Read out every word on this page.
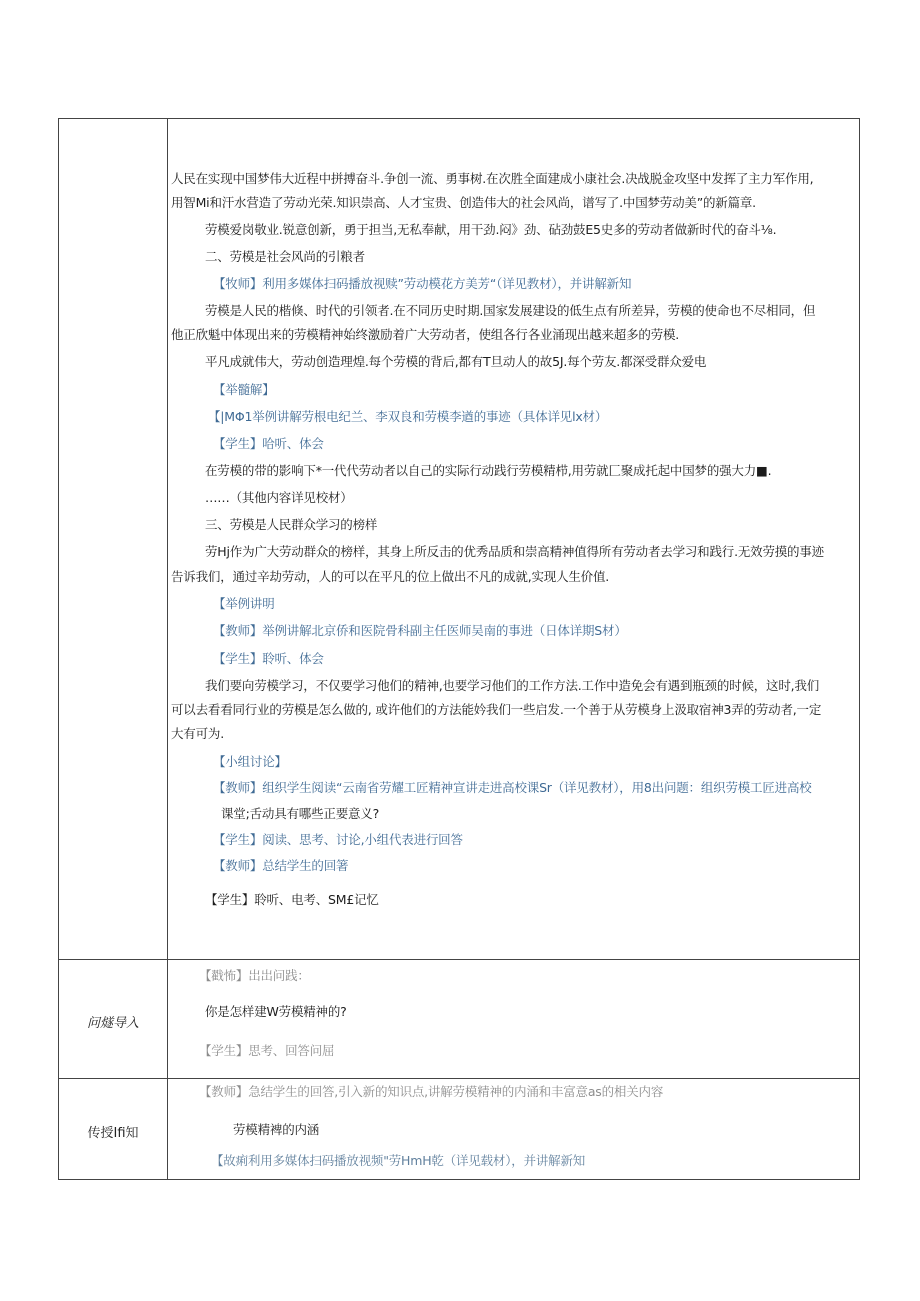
问燧导入
传授Ifi知
人民在实现中国梦伟大近程中拼搏奋斗.争创一流、勇事树.在次胜全面建成小康社会.决战脱金攻坚中发挥了主力军作用,
用智Mi和汗水营造了劳动光荣.知识崇高、人才宝贵、创造伟大的社会风尚，谱写了.中国梦劳动美”的新篇章.
劳模爱岗敬业.锐意创新，勇于担当,无私奉献，用干劲.闷》劲、砧劲鼓E5史多的劳动者做新时代的奋斗⅛.
二、劳模是社会风尚的引粮者
【牧师】利用多媒体扫码播放视赎”劳动模花方美芳“（详见教材），并讲解新知
劳模是人民的楷倏、时代的引领者.在不同历史时期.国家发展建设的低生点有所差异，劳模的使命也不尽相同，但
他正欣魁中体现出来的劳模精神始终激励着广大劳动者，使组各行各业涌现出越来超多的劳模.
平凡成就伟大，劳动创造理煌.每个劳模的背后,都有T旦动人的故5J.每个劳友.都深受群众爱电
【举髓解】
【|MΦ1举例讲解劳根电纪兰、李双良和劳模李遒的事迹（具体详见lx材）
【学生】哈听、体会
在劳模的带的影响下*一代代劳动者以自己的实际行动践行劳模精栉,用劳就匚聚成托起中国梦的强大力■.
……（其他内容详见校材）
三、劳模是人民群众学习的榜样
劳Hj作为广大劳动群众的榜样，其身上所反击的优秀品质和崇高精神值得所有劳动者去学习和践行.无效劳摸的事迹
告诉我们，通过辛劫劳动，人的可以在平凡的位上做出不凡的成就,实现人生价值.
【举例讲明
【教师】举例讲解北京侨和医院骨科副主任医师吴南的事进（日体详期S材）
【学生】聆听、体会
我们要向劳模学习，不仅要学习他们的精神,也要学习他们的工作方法.工作中造免会有遇到瓶颈的时候，这时,我们
可以去看看同行业的劳模是怎么做的, 或许他们的方法能妗我们一些启发.一个善于从劳模身上汲取宿神3弄的劳动者,一定
大有可为.
【小组讨论】
【教师】组织学生阅读“云南省劳耀工匠精神宣讲走进高校课Sr（详见教材），用8出问题：组织劳模工匠进高校
课堂;舌动具有哪些正要意义?
【学生】阅读、思考、讨论,小组代表进行回答
【教师】总结学生的回箸
【学生】聆听、电考、SM£记忆
【戳怖】岀岀问践：
你是怎样建W劳模精神的?
【学生】思考、回答问屈
【教师】急结学生的回答,引入新的知识点,讲解劳模精神的内涌和丰富意as的相关内容
劳模精裨的内涵
【故痢利用多媒体扫码播放视频"劳HmH乾（详见载材），并讲解新知
